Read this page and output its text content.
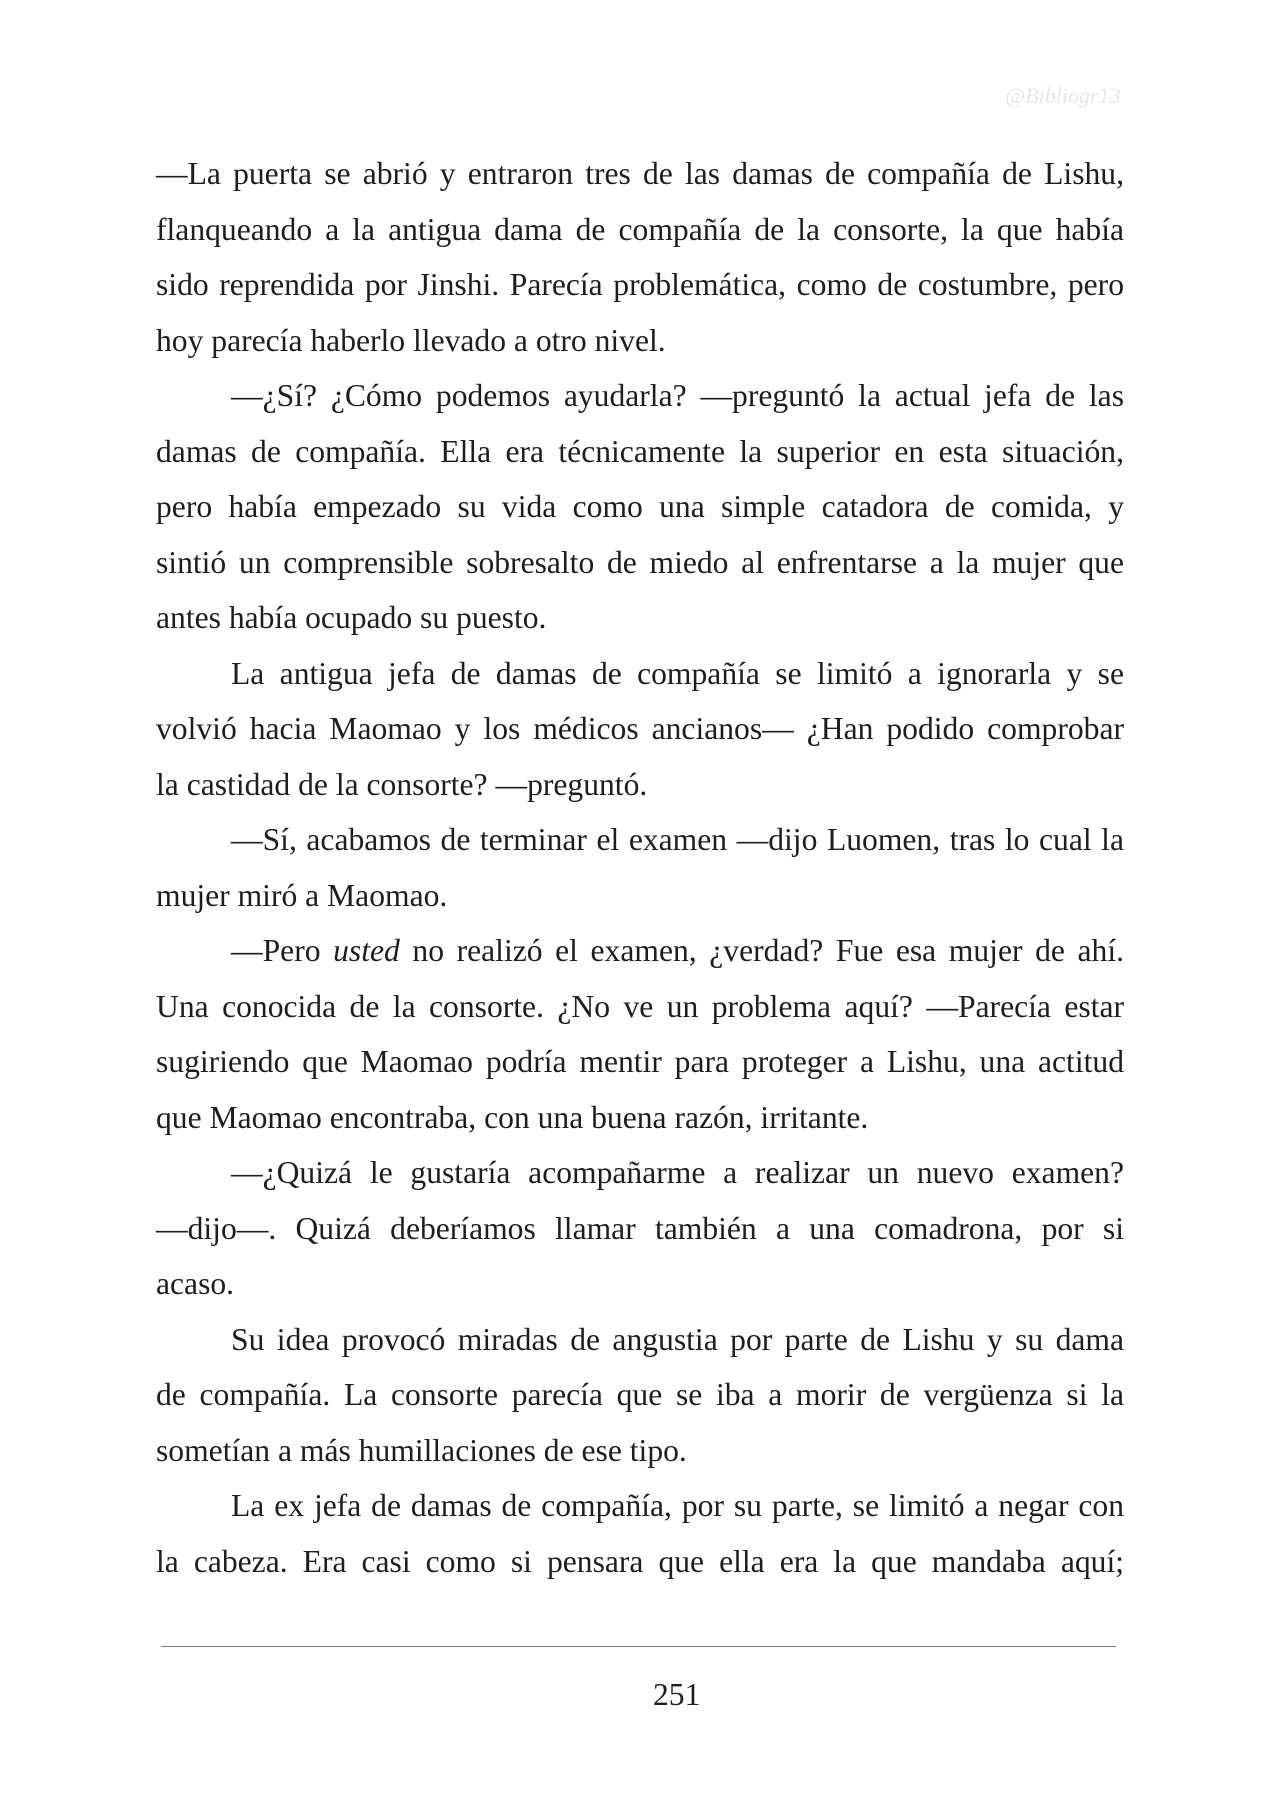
@Bibliogr13
—La puerta se abrió y entraron tres de las damas de compañía de Lishu,
flanqueando a la antigua dama de compañía de la consorte, la que había
sido reprendida por Jinshi. Parecía problemática, como de costumbre, pero
hoy parecía haberlo llevado a otro nivel.
—¿Sí? ¿Cómo podemos ayudarla? —preguntó la actual jefa de las
damas de compañía. Ella era técnicamente la superior en esta situación,
pero había empezado su vida como una simple catadora de comida, y
sintió un comprensible sobresalto de miedo al enfrentarse a la mujer que
antes había ocupado su puesto.
La antigua jefa de damas de compañía se limitó a ignorarla y se
volvió hacia Maomao y los médicos ancianos— ¿Han podido comprobar
la castidad de la consorte? —preguntó.
—Sí, acabamos de terminar el examen —dijo Luomen, tras lo cual la
mujer miró a Maomao.
—Pero usted no realizó el examen, ¿verdad? Fue esa mujer de ahí.
Una conocida de la consorte. ¿No ve un problema aquí? —Parecía estar
sugiriendo que Maomao podría mentir para proteger a Lishu, una actitud
que Maomao encontraba, con una buena razón, irritante.
—¿Quizá le gustaría acompañarme a realizar un nuevo examen?
—dijo—. Quizá deberíamos llamar también a una comadrona, por si
acaso.
Su idea provocó miradas de angustia por parte de Lishu y su dama
de compañía. La consorte parecía que se iba a morir de vergüenza si la
sometían a más humillaciones de ese tipo.
La ex jefa de damas de compañía, por su parte, se limitó a negar con
la cabeza. Era casi como si pensara que ella era la que mandaba aquí;
251
